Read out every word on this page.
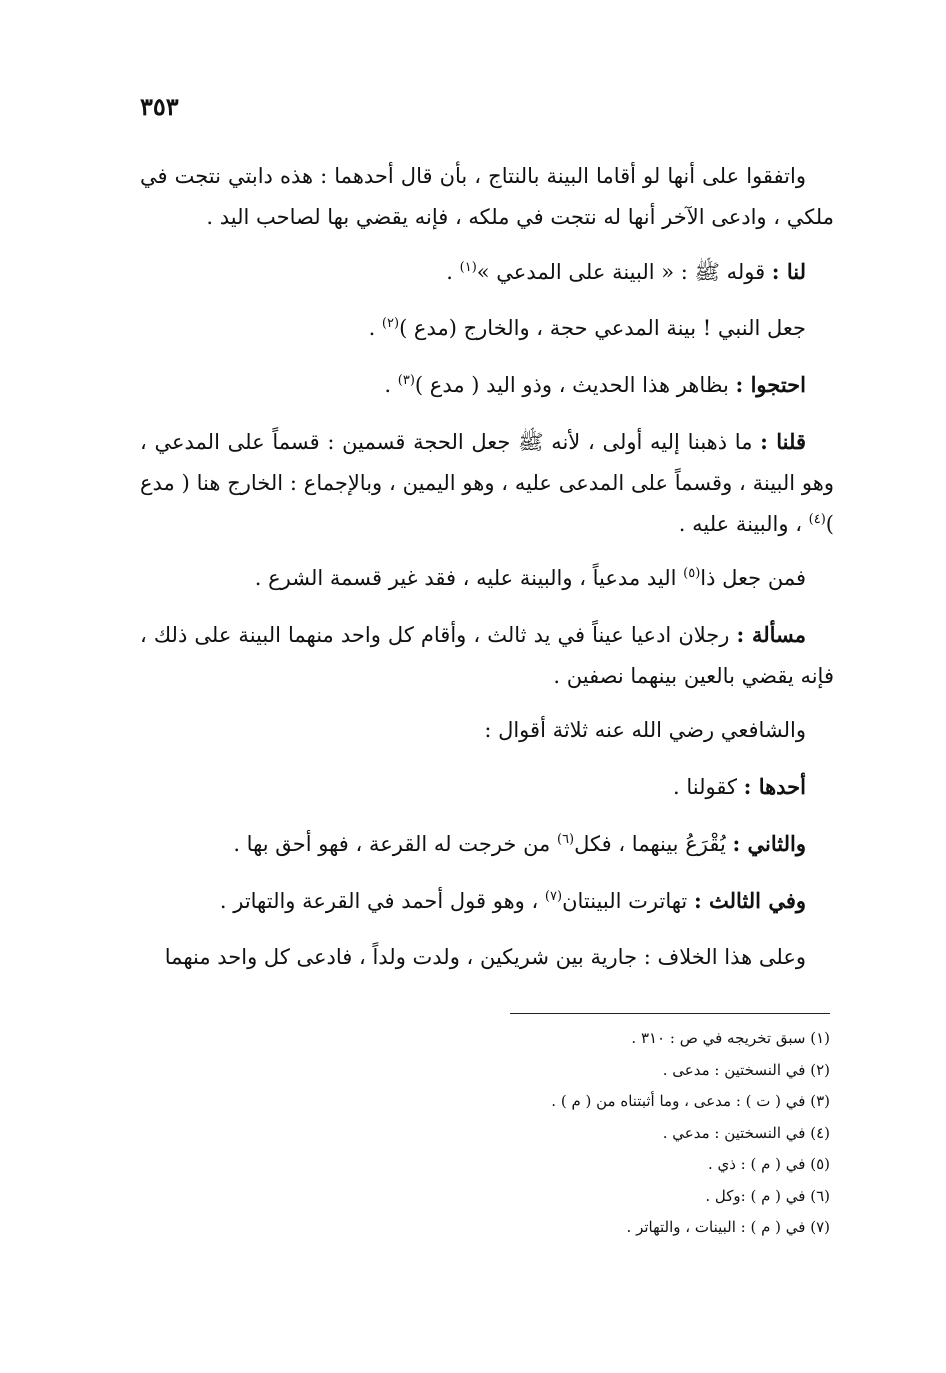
٣٥٣

واتفقوا على أنها لو أقاما البينة بالنتاج ، بأن قال أحدهما : هذه دابتي نتجت في ملكي ، وادعى الآخر أنها له نتجت في ملكه ، فإنه يقضي بها لصاحب اليد .

لنا : قوله ﷺ : « البينة على المدعي »$^{(١)}$ .

جعل النبي ! بينة المدعي حجة ، والخارج (مدع )$^{(٢)}$ .

احتجوا : بظاهر هذا الحديث ، وذو اليد ( مدع )$^{(٣)}$ .

قلنا : ما ذهبنا إليه أولى ، لأنه ﷺ جعل الحجة قسمين : قسماً على المدعي ، وهو البينة ، وقسماً على المدعى عليه ، وهو اليمين ، وبالإجماع : الخارج هنا ( مدع )$^{(٤)}$ ، والبينة عليه .

فمن جعل ذا$^{(٥)}$ اليد مدعياً ، والبينة عليه ، فقد غير قسمة الشرع .

مسألة : رجلان ادعيا عيناً في يد ثالث ، وأقام كل واحد منهما البينة على ذلك ، فإنه يقضي بالعين بينهما نصفين .

والشافعي رضي الله عنه ثلاثة أقوال :

أحدها : كقولنا .

والثاني : يُقْرَعُ بينهما ، فكل$^{(٦)}$ من خرجت له القرعة ، فهو أحق بها .

وفي الثالث : تهاترت البينتان$^{(٧)}$ ، وهو قول أحمد في القرعة والتهاتر .

وعلى هذا الخلاف : جارية بين شريكين ، ولدت ولداً ، فادعى كل واحد منهما

(١) سبق تخريجه في ص : ٣١٠ .

(٢) في النسختين : مدعى .

(٣) في ( ت ) : مدعى ، وما أثبتناه من ( م ) .

(٤) في النسختين : مدعي .

(٥) في ( م ) : ذي .

(٦) في ( م ) :وكل .

(٧) في ( م ) : البينات ، والتهاتر .
